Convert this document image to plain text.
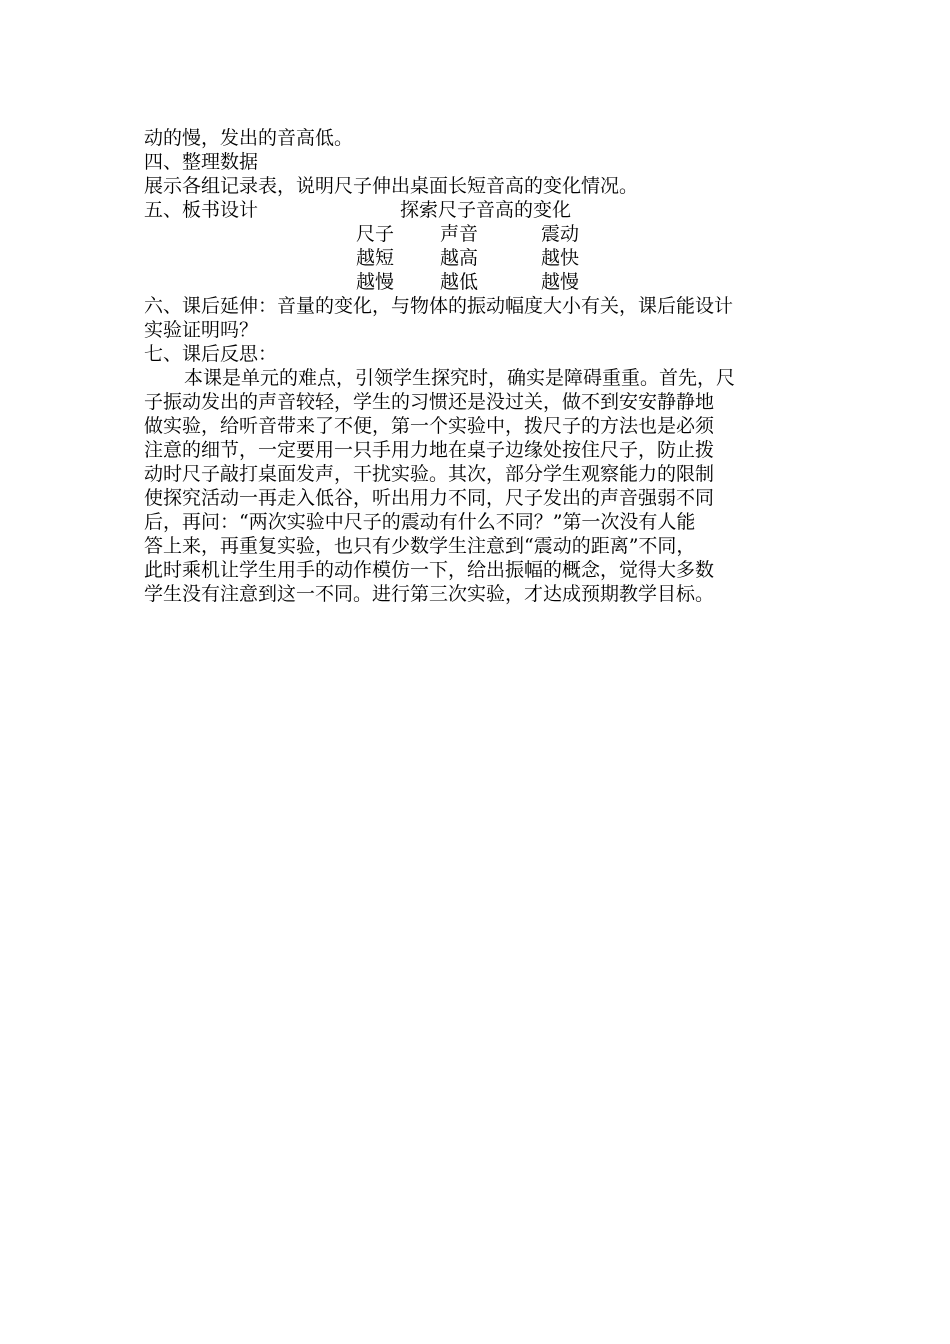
动的慢，发出的音高低。
四、整理数据
展示各组记录表，说明尺子伸出桌面长短音高的变化情况。
五、板书设计	探索尺子音高的变化
尺子 声音	震动
越短 越高	越快
越慢 越低	越慢
六、课后延伸：音量的变化，与物体的振动幅度大小有关，课后能设计
实验证明吗？
七、课后反思：
本课是单元的难点，引领学生探究时，确实是障碍重重。首先，尺
子振动发出的声音较轻，学生的习惯还是没过关，做不到安安静静地
做实验，给听音带来了不便，第一个实验中，拨尺子的方法也是必须
注意的细节，一定要用一只手用力地在桌子边缘处按住尺子，防止拨
动时尺子敲打桌面发声，干扰实验。其次，部分学生观察能力的限制
使探究活动一再走入低谷，听出用力不同，尺子发出的声音强弱不同
后，再问：“两次实验中尺子的震动有什么不同？”第一次没有人能
答上来，再重复实验，也只有少数学生注意到“震动的距离”不同，
此时乘机让学生用手的动作模仿一下，给出振幅的概念，觉得大多数
学生没有注意到这一不同。进行第三次实验，才达成预期教学目标。
